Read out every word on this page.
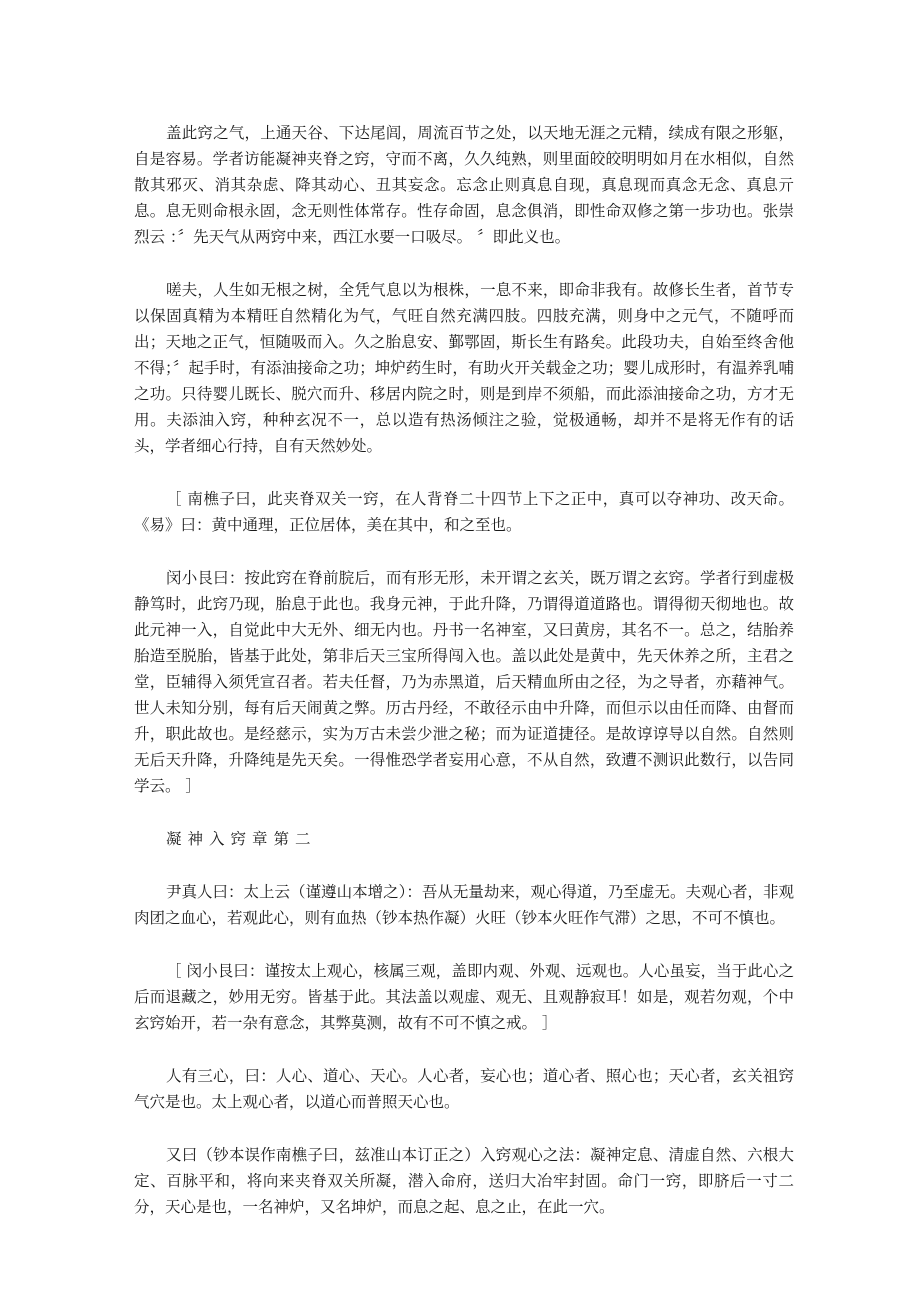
盖此窍之气，上通天谷、下达尾闾，周流百节之处，以天地无涯之元精，续成有限之形躯，自是容易。学者访能凝神夹脊之窍，守而不离，久久纯熟，则里面皎皎明明如月在水相似，自然散其邪灭、消其杂虑、降其动心、丑其妄念。忘念止则真息自现，真息现而真念无念、真息亓息。息无则命根永固，念无则性体常存。性存命固，息念俱消，即性命双修之第一步功也。张崇烈云 ：〞先天气从两窍中来，西江水要一口吸尽。 〞即此义也。

嗟夫，人生如无根之树，全凭气息以为根株，一息不来，即命非我有。故修长生者，首节专以保固真精为本精旺自然精化为气，气旺自然充满四肢。四肢充满，则身中之元气，不随呼而出；天地之正气，恒随吸而入。久之胎息安、鄞鄂固，斯长生有路矣。此段功夫，自始至终舍他不得；〞起手时，有添油接命之功；坤炉药生时，有助火开关载金之功；婴儿成形时，有温养乳哺之功。只待婴儿既长、脱穴而升、移居内院之时，则是到岸不须船，而此添油接命之功，方才无用。夫添油入窍，种种玄况不一，总以造有热汤倾注之验，觉极通畅，却并不是将无作有的话头，学者细心行持，自有天然妙处。

［ 南樵子曰，此夹脊双关一窍，在人背脊二十四节上下之正中，真可以夺神功、改天命。《易》曰：黄中通理，正位居体，美在其中，和之至也。

闵小艮曰：按此窍在脊前脘后，而有形无形，未开谓之玄关，既万谓之玄窍。学者行到虚极静笃时，此窍乃现，胎息于此也。我身元神，于此升降，乃谓得道道路也。谓得彻天彻地也。故此元神一入，自觉此中大无外、细无内也。丹书一名神室，又曰黄房，其名不一。总之，结胎养胎造至脱胎，皆基于此处，第非后天三宝所得闯入也。盖以此处是黄中，先天休养之所，主君之堂，臣辅得入须凭宣召者。若夫任督，乃为赤黑道，后天精血所由之径，为之导者，亦藉神气。世人未知分别，每有后天闹黄之弊。历古丹经，不敢径示由中升降，而但示以由任而降、由督而升，职此故也。是经慈示，实为万古未尝少泄之秘；而为证道捷径。是故谆谆导以自然。自然则无后天升降，升降纯是先天矣。一得惟恐学者妄用心意，不从自然，致遭不测识此数行，以告同学云。 ］

凝神入窍章第二

尹真人曰：太上云（谨遵山本增之）：吾从无量劫来，观心得道，乃至虚无。夫观心者，非观肉团之血心，若观此心，则有血热（钞本热作凝）火旺（钞本火旺作气滞）之思，不可不慎也。

［ 闵小艮曰：谨按太上观心，核属三观，盖即内观、外观、远观也。人心虽妄，当于此心之后而退藏之，妙用无穷。皆基于此。其法盖以观虚、观无、且观静寂耳！如是，观若勿观，个中玄窍始开，若一杂有意念，其弊莫测，故有不可不慎之戒。 ］

人有三心，曰：人心、道心、天心。人心者，妄心也；道心者、照心也；天心者，玄关祖窍气穴是也。太上观心者，以道心而普照天心也。

又曰（钞本误作南樵子曰，兹准山本订正之）入窍观心之法：凝神定息、清虚自然、六根大定、百脉平和，将向来夹脊双关所凝，潜入命府，送归大冶牢封固。命门一窍，即脐后一寸二分，天心是也，一名神炉，又名坤炉，而息之起、息之止，在此一穴。
